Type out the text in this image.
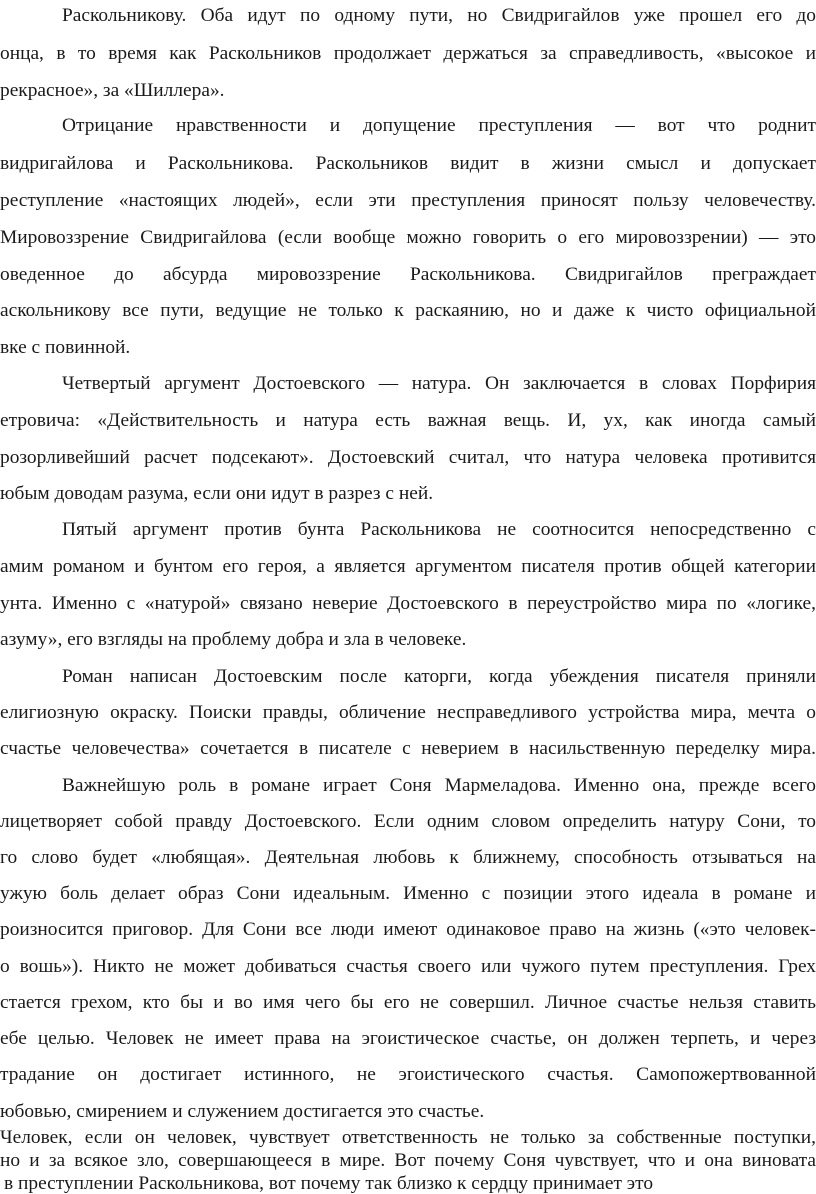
Раскольникову. Оба идут по одному пути, но Свидригайлов уже прошел его до
онца, в то время как Раскольников продолжает держаться за справедливость, «высокое и
рекрасное», за «Шиллера».
Отрицание нравственности и допущение преступления — вот что роднит
видригайлова и Раскольникова. Раскольников видит в жизни смысл и допускает
реступление «настоящих людей», если эти преступления приносят пользу человечеству.
Мировоззрение Свидригайлова (если вообще можно говорить о его мировоззрении) — это
оведенное до абсурда мировоззрение Раскольникова. Свидригайлов преграждает
аскольникову все пути, ведущие не только к раскаянию, но и даже к чисто официальной
вке с повинной.
Четвертый аргумент Достоевского — натура. Он заключается в словах Порфирия
етровича: «Действительность и натура есть важная вещь. И, ух, как иногда самый
розорливейший расчет подсекают». Достоевский считал, что натура человека противится
юбым доводам разума, если они идут в разрез с ней.
Пятый аргумент против бунта Раскольникова не соотносится непосредственно с
амим романом и бунтом его героя, а является аргументом писателя против общей категории
унта. Именно с «натурой» связано неверие Достоевского в переустройство мира по «логике,
азуму», его взгляды на проблему добра и зла в человеке.
Роман написан Достоевским после каторги, когда убеждения писателя приняли
елигиозную окраску. Поиски правды, обличение несправедливого устройства мира, мечта о
счастье человечества» сочетается в писателе с неверием в насильственную переделку мира.
Важнейшую роль в романе играет Соня Мармеладова. Именно она, прежде всего
лицетворяет собой правду Достоевского. Если одним словом определить натуру Сони, то
го слово будет «любящая». Деятельная любовь к ближнему, способность отзываться на
ужую боль делает образ Сони идеальным. Именно с позиции этого идеала в романе и
роизносится приговор. Для Сони все люди имеют одинаковое право на жизнь («это человек-
о вошь»). Никто не может добиваться счастья своего или чужого путем преступления. Грех
стается грехом, кто бы и во имя чего бы его не совершил. Личное счастье нельзя ставить
ебе целью. Человек не имеет права на эгоистическое счастье, он должен терпеть, и через
традание он достигает истинного, не эгоистического счастья. Самопожертвованной
юбовью, смирением и служением достигается это счастье.
Человек, если он человек, чувствует ответственность не только за собственные поступки,
но и за всякое зло, совершающееся в мире. Вот почему Соня чувствует, что и она виновата
в преступлении Раскольникова, вот почему так близко к сердцу принимает это
